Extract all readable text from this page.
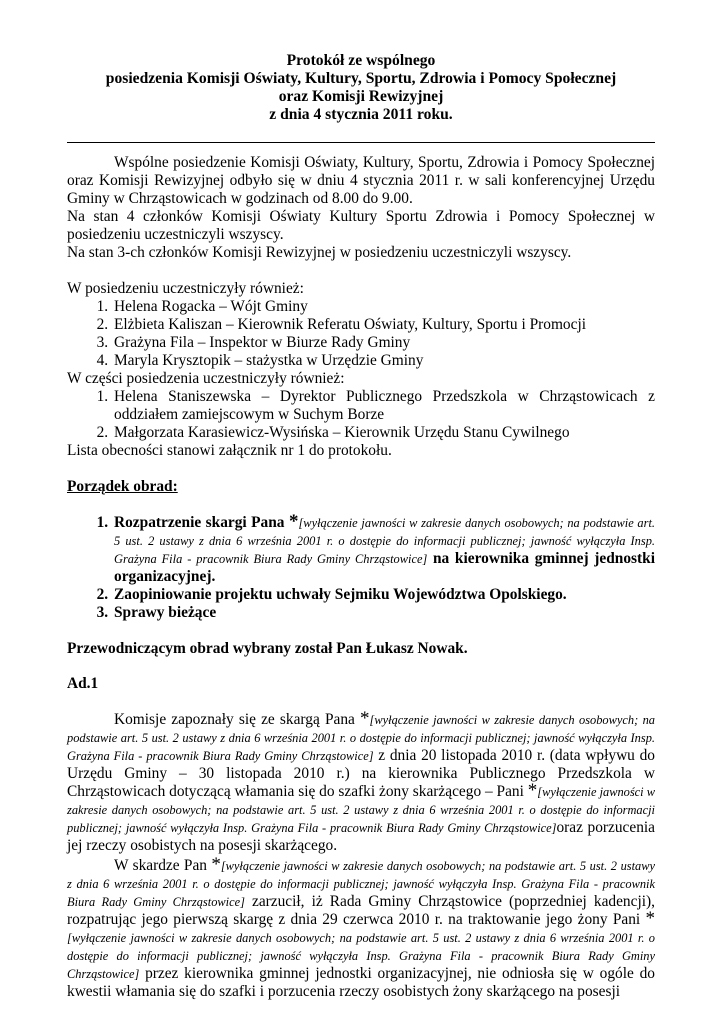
Protokół ze wspólnego
posiedzenia Komisji Oświaty, Kultury, Sportu, Zdrowia i Pomocy Społecznej
oraz Komisji Rewizyjnej
z dnia 4 stycznia 2011 roku.

Wspólne posiedzenie Komisji Oświaty, Kultury, Sportu, Zdrowia i Pomocy Społecznej oraz Komisji Rewizyjnej odbyło się w dniu 4 stycznia 2011 r. w sali konferencyjnej Urzędu Gminy w Chrząstowicach w godzinach od 8.00 do 9.00.

Na stan 4 członków Komisji Oświaty Kultury Sportu Zdrowia i Pomocy Społecznej w posiedzeniu uczestniczyli wszyscy.

Na stan 3-ch członków Komisji Rewizyjnej w posiedzeniu uczestniczyli wszyscy.

W posiedzeniu uczestniczyły również:

1. Helena Rogacka – Wójt Gminy
2. Elżbieta Kaliszan – Kierownik Referatu Oświaty, Kultury, Sportu i Promocji
3. Grażyna Fila – Inspektor w Biurze Rady Gminy
4. Maryla Krysztopik – stażystka w Urzędzie Gminy

W części posiedzenia uczestniczyły również:

1. Helena Staniszewska – Dyrektor Publicznego Przedszkola w Chrząstowicach z oddziałem zamiejscowym w Suchym Borze
2. Małgorzata Karasiewicz-Wysińska – Kierownik Urzędu Stanu Cywilnego

Lista obecności stanowi załącznik nr 1 do protokołu.

Porządek obrad:

1. Rozpatrzenie skargi Pana *[wyłączenie jawności w zakresie danych osobowych; na podstawie art. 5 ust. 2 ustawy z dnia 6 września 2001 r. o dostępie do informacji publicznej; jawność wyłączyła Insp. Grażyna Fila - pracownik Biura Rady Gminy Chrząstowice] na kierownika gminnej jednostki organizacyjnej.
2. Zaopiniowanie projektu uchwały Sejmiku Województwa Opolskiego.
3. Sprawy bieżące

Przewodniczącym obrad wybrany został Pan Łukasz Nowak.

Ad.1

Komisje zapoznały się ze skargą Pana *[wyłączenie jawności w zakresie danych osobowych; na podstawie art. 5 ust. 2 ustawy z dnia 6 września 2001 r. o dostępie do informacji publicznej; jawność wyłączyła Insp. Grażyna Fila - pracownik Biura Rady Gminy Chrząstowice] z dnia 20 listopada 2010 r. (data wpływu do Urzędu Gminy – 30 listopada 2010 r.) na kierownika Publicznego Przedszkola w Chrząstowicach dotyczącą włamania się do szafki żony skarżącego – Pani *[wyłączenie jawności w zakresie danych osobowych; na podstawie art. 5 ust. 2 ustawy z dnia 6 września 2001 r. o dostępie do informacji publicznej; jawność wyłączyła Insp. Grażyna Fila - pracownik Biura Rady Gminy Chrząstowice]oraz porzucenia jej rzeczy osobistych na posesji skarżącego.

W skardze Pan *[wyłączenie jawności w zakresie danych osobowych; na podstawie art. 5 ust. 2 ustawy z dnia 6 września 2001 r. o dostępie do informacji publicznej; jawność wyłączyła Insp. Grażyna Fila - pracownik Biura Rady Gminy Chrząstowice] zarzucił, iż Rada Gminy Chrząstowice (poprzedniej kadencji), rozpatrując jego pierwszą skargę z dnia 29 czerwca 2010 r. na traktowanie jego żony Pani *[wyłączenie jawności w zakresie danych osobowych; na podstawie art. 5 ust. 2 ustawy z dnia 6 września 2001 r. o dostępie do informacji publicznej; jawność wyłączyła Insp. Grażyna Fila - pracownik Biura Rady Gminy Chrząstowice] przez kierownika gminnej jednostki organizacyjnej, nie odniosła się w ogóle do kwestii włamania się do szafki i porzucenia rzeczy osobistych żony skarżącego na posesji
